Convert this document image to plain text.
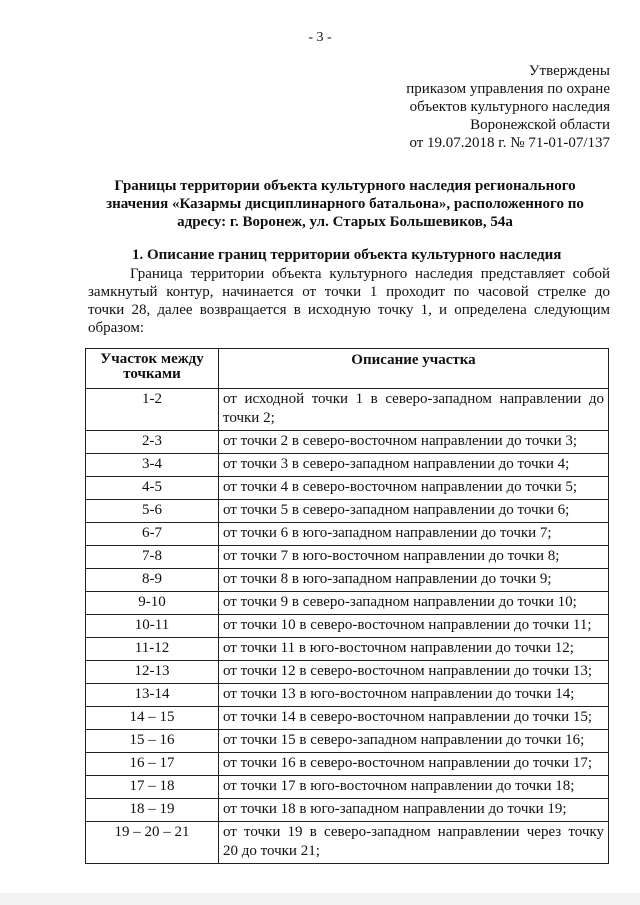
- 3 -
Утверждены
приказом управления по охране
объектов культурного наследия
Воронежской области
от 19.07.2018 г. № 71-01-07/137
Границы территории объекта культурного наследия регионального
значения «Казармы дисциплинарного батальона», расположенного по
адресу: г. Воронеж, ул. Старых Большевиков, 54а
1. Описание границ территории объекта культурного наследия
Граница территории объекта культурного наследия представляет собой
замкнутый контур, начинается от точки 1 проходит по часовой стрелке до
точки 28, далее возвращается в исходную точку 1, и определена следующим
образом:
Участок между точками	Описание участка
1-2	от исходной точки 1 в северо-западном направлении до
точки 2;

2-3	от точки 2 в северо-восточном направлении до точки 3;

3-4	от точки 3 в северо-западном направлении до точки 4;

4-5	от точки 4 в северо-восточном направлении до точки 5;

5-6	от точки 5 в северо-западном направлении до точки 6;

6-7	от точки 6 в юго-западном направлении до точки 7;

7-8	от точки 7 в юго-восточном направлении до точки 8;

8-9	от точки 8 в юго-западном направлении до точки 9;

9-10	от точки 9 в северо-западном направлении до точки 10;

10-11	от точки 10 в северо-восточном направлении до точки 11;

11-12	от точки 11 в юго-восточном направлении до точки 12;

12-13	от точки 12 в северо-восточном направлении до точки 13;

13-14	от точки 13 в юго-восточном направлении до точки 14;

14 – 15	от точки 14 в северо-восточном направлении до точки 15;

15 – 16	от точки 15 в северо-западном направлении до точки 16;

16 – 17	от точки 16 в северо-восточном направлении до точки 17;

17 – 18	от точки 17 в юго-восточном направлении до точки 18;

18 – 19	от точки 18 в юго-западном направлении до точки 19;

19 – 20 – 21	от точки 19 в северо-западном направлении через точку
20 до точки 21;
